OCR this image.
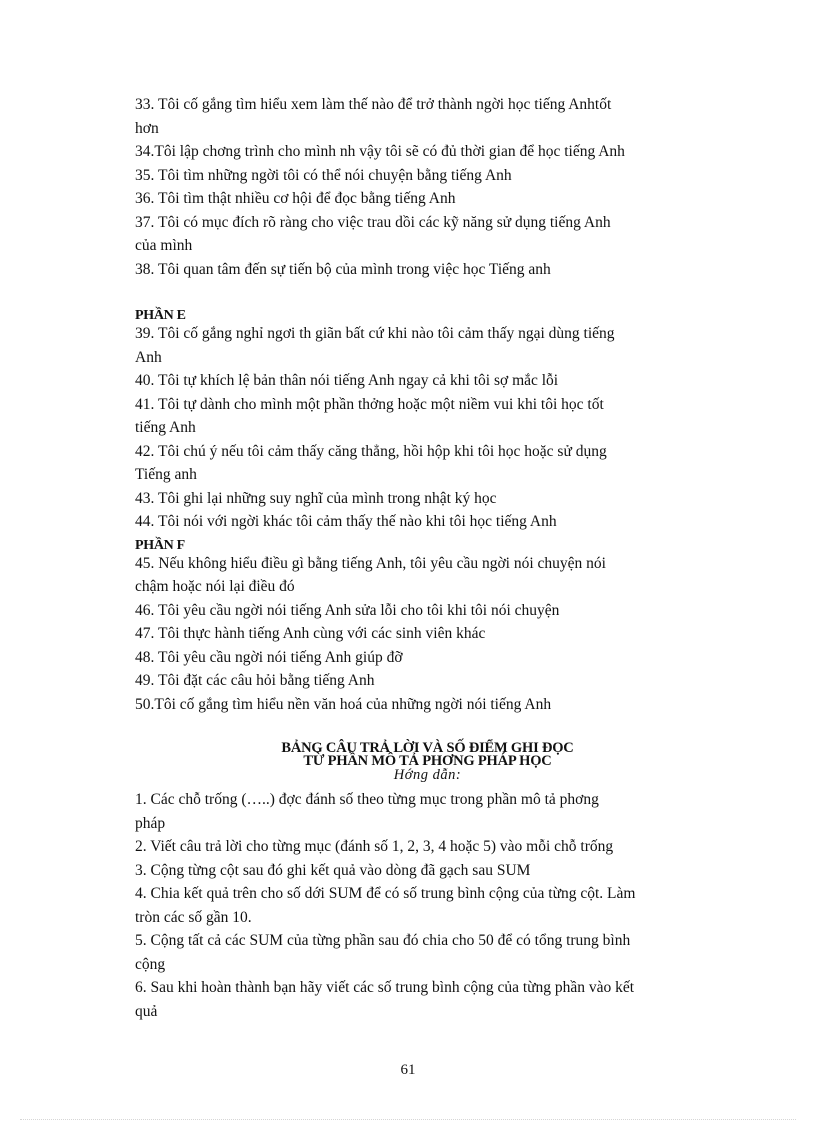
33. Tôi cố gắng tìm hiểu xem làm thế nào để trở thành ngời học tiếng Anhtốt
hơn
34.Tôi lập chơng trình cho mình nh vậy tôi sẽ có đủ thời gian để học tiếng Anh
35. Tôi tìm những ngời tôi có thể nói chuyện bằng tiếng Anh
36. Tôi tìm thật nhiều cơ hội để đọc bằng tiếng Anh
37. Tôi có mục đích rõ ràng cho việc trau dồi các kỹ năng sử dụng tiếng Anh
của mình
38. Tôi quan tâm đến sự tiến bộ của mình trong việc học Tiếng anh
PHẦN E
39. Tôi cố gắng nghỉ ngơi th giãn bất cứ khi nào tôi cảm thấy ngại dùng tiếng
Anh
40. Tôi tự khích lệ bản thân nói tiếng Anh ngay cả khi tôi sợ mắc lỗi
41. Tôi tự dành cho mình một phần thởng hoặc một niềm vui khi tôi học tốt
tiếng Anh
42. Tôi chú ý nếu tôi cảm thấy căng thẳng, hồi hộp khi tôi học hoặc sử dụng
Tiếng anh
43. Tôi ghi lại những suy nghĩ của mình trong nhật ký học
44. Tôi nói với ngời khác tôi cảm thấy thế nào khi tôi học tiếng Anh
PHẦN F
45. Nếu không hiểu điều gì bằng tiếng Anh, tôi yêu cầu ngời nói chuyện nói
chậm hoặc nói lại điều đó
46. Tôi yêu cầu ngời nói tiếng Anh sửa lỗi cho tôi khi tôi nói chuyện
47. Tôi thực hành tiếng Anh cùng với các sinh viên khác
48. Tôi yêu cầu ngời nói tiếng Anh giúp đỡ
49. Tôi đặt các câu hỏi bằng tiếng Anh
50.Tôi cố gắng tìm hiểu nền văn hoá của những ngời nói tiếng Anh
BẢNG CÂU TRẢ LỜI VÀ SỐ ĐIỂM GHI ĐỌC
TỪ PHẦN MÔ TẢ PHƠNG PHÁP HỌC
Hớng dẫn:
1. Các chỗ trống (…..) đợc đánh số theo từng mục trong phần mô tả phơng
pháp
2. Viết câu trả lời cho từng mục (đánh số 1, 2, 3, 4 hoặc 5) vào mỗi chỗ trống
3. Cộng từng cột sau đó ghi kết quả vào dòng đã gạch sau SUM
4. Chia kết quả trên cho số dới SUM để có số trung bình cộng của từng cột. Làm
tròn các số gần 10.
5. Cộng tất cả các SUM của từng phần sau đó chia cho 50 để có tổng trung bình
cộng
6. Sau khi hoàn thành bạn hãy viết các số trung bình cộng của từng phần vào kết
quả
61
